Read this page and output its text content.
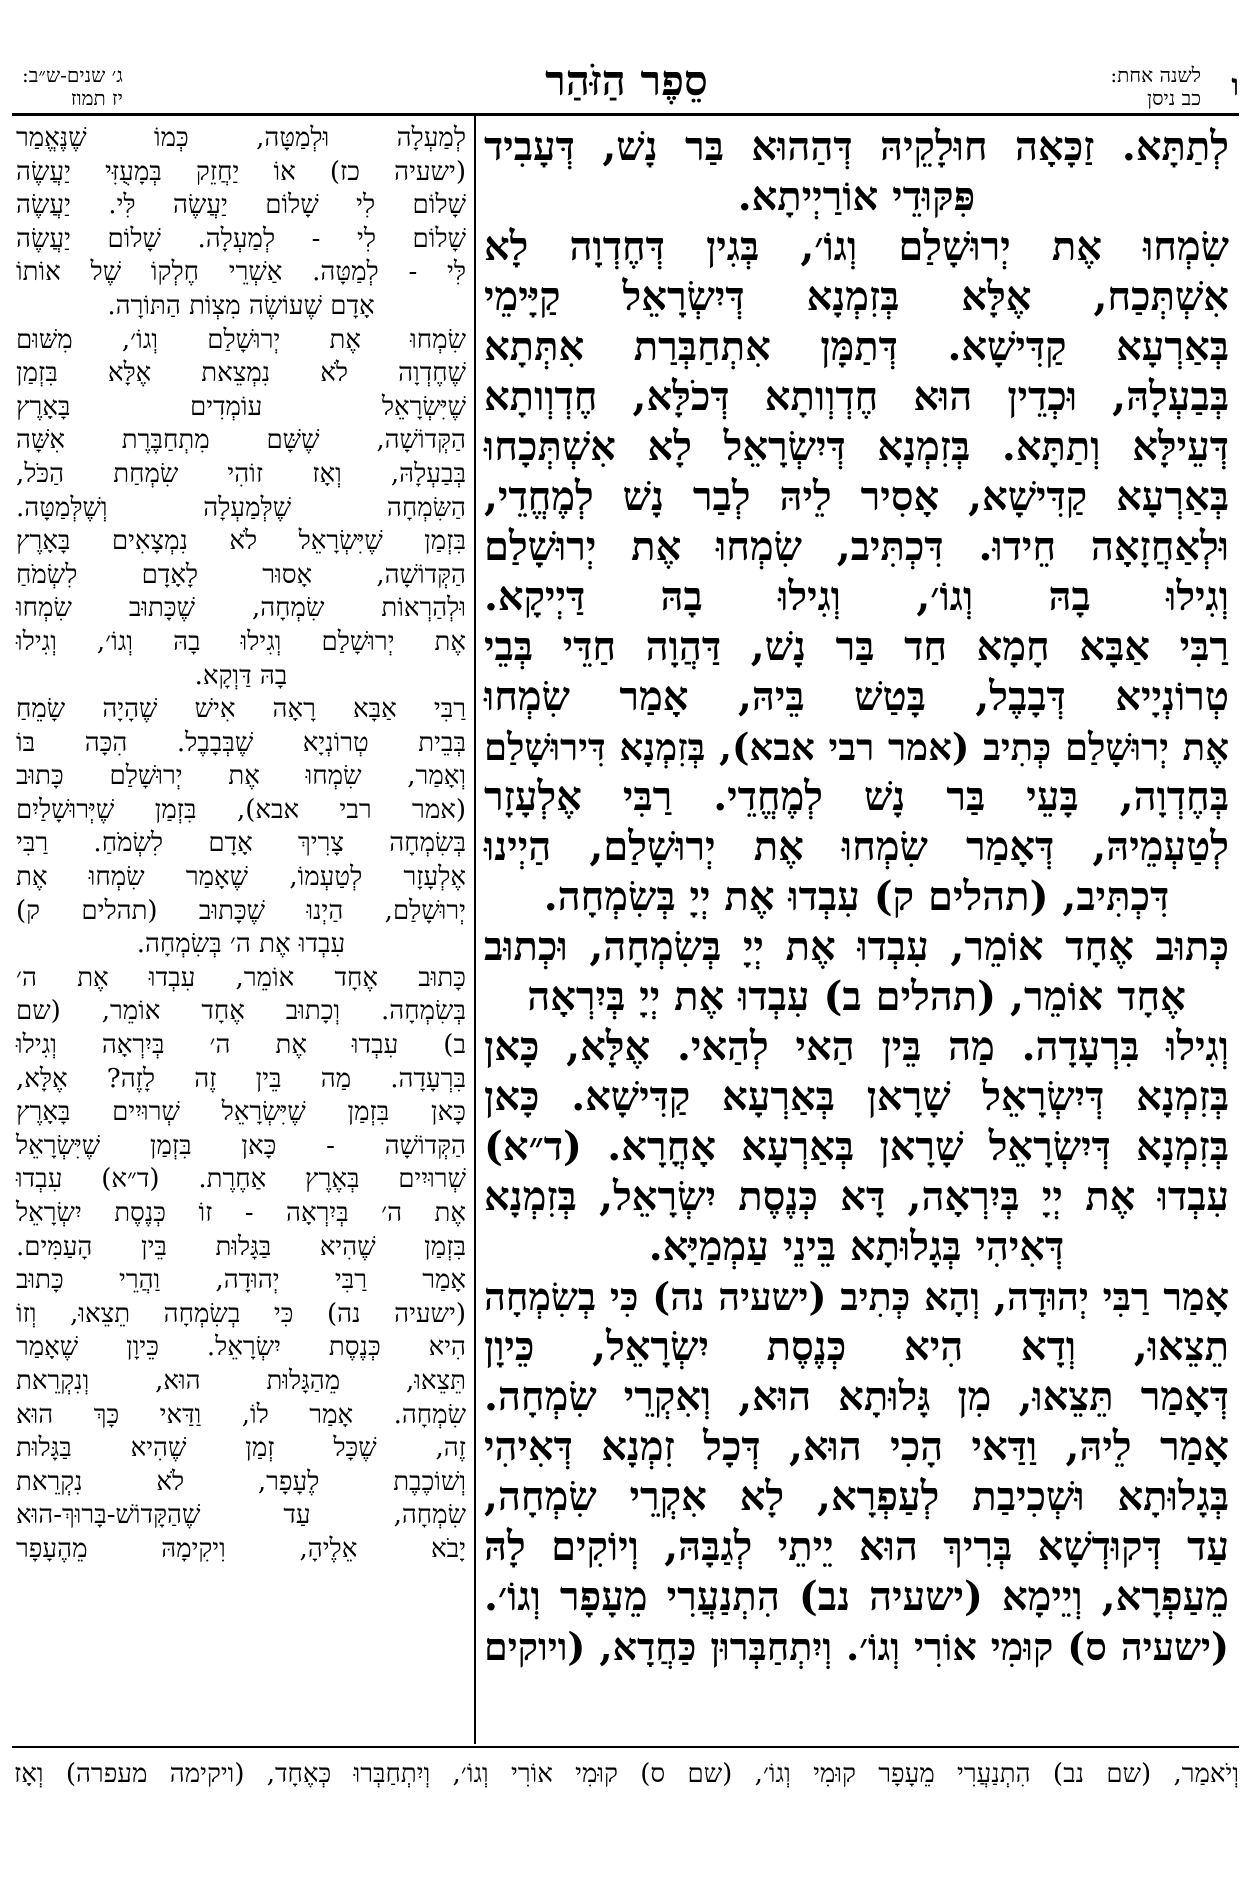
ו
לשנה אחת:
כב ניסן
סֵפֶר הַזֹּהַר
ג׳ שנים-ש״ב:
יז תמוז
לְתַתָּא. זַכָּאָה חוּלָקֵיהּ דְּהַהוּא בַּר נָשׁ, דְּעָבִיד
פִּקּוּדֵי אוֹרַיְיתָא.
שִׂמְחוּ אֶת יְרוּשָׁלַם וְגוֹ׳, בְּגִין דְּחֶדְוָה לָא
אִשְׁתְּכַח, אֶלָּא בְּזִמְנָא דְּיִשְׂרָאֵל קַיָּימֵי
בְּאַרְעָא קַדִּישָׁא. דְּתַמָּן אִתְחַבְּרַת אִתְּתָא
בְּבַעְלָהּ, וּכְדֵין הוּא חֶדְוְותָא דְּכֹלָּא, חֶדְוְותָא
דְּעֵילָּא וְתַתָּא. בְּזִמְנָא דְּיִשְׂרָאֵל לָא אִשְׁתְּכָחוּ
בְּאַרְעָא קַדִּישָׁא, אָסִיר לֵיהּ לְבַר נָשׁ לְמֶחֱדֵי,
וּלְאַחֲזָאָה חֵידוּ. דִּכְתִּיב, שִׂמְחוּ אֶת יְרוּשָׁלַם
וְגִילוּ בָהּ וְגוֹ׳, וְגִילוּ בָהּ דַּיְיקָא.
רַבִּי אַבָּא חָמָא חַד בַּר נָשׁ, דַּהֲוָה חַדֵּי בְּבֵי
טְרוֹנְיָיא דְּבָבֶל, בָּטַשׁ בֵּיהּ, אָמַר שִׂמְחוּ
אֶת יְרוּשָׁלַם כְּתִיב (אמר רבי אבא), בְּזִמְנָא דִּירוּשָׁלַם
בְּחֶדְוָה, בָּעֵי בַּר נָשׁ לְמֶחֱדֵי. רַבִּי אֶלְעָזָר
לְטַעְמֵיהּ, דְּאָמַר שִׂמְחוּ אֶת יְרוּשָׁלַם, הַיְינוּ
דִּכְתִּיב, (תהלים ק) עִבְדוּ אֶת יְיָ בְּשִׂמְחָה.
כְּתוּב אֶחָד אוֹמֵר, עִבְדוּ אֶת יְיָ בְּשִׂמְחָה, וּכְתוּב
אֶחָד אוֹמֵר, (תהלים ב) עִבְדוּ אֶת יְיָ בְּיִרְאָה
וְגִילוּ בִּרְעָדָה. מַה בֵּין הַאי לְהַאי. אֶלָּא, כָּאן
בְּזִמְנָא דְּיִשְׂרָאֵל שָׁרָאן בְּאַרְעָא קַדִּישָׁא. כָּאן
בְּזִמְנָא דְּיִשְׂרָאֵל שָׁרָאן בְּאַרְעָא אָחֳרָא. (ד״א)
עִבְדוּ אֶת יְיָ בְּיִרְאָה, דָּא כְּנֶסֶת יִשְׂרָאֵל, בְּזִמְנָא
דְּאִיהִי בְּגָלוּתָא בֵּינֵי עַמְמַיָּא.
אָמַר רַבִּי יְהוּדָה, וְהָא כְּתִיב (ישעיה נה) כִּי בְשִׂמְחָה
תֵצֵאוּ, וְדָא הִיא כְּנֶסֶת יִשְׂרָאֵל, כֵּיוָן
דְּאָמַר תֵּצֵאוּ, מִן גָּלוּתָא הוּא, וְאִקְרֵי שִׂמְחָה.
אָמַר לֵיהּ, וַדַּאי הָכִי הוּא, דְּכָל זִמְנָא דְּאִיהִי
בְּגָלוּתָא וּשְׁכִיבַת לְעַפְרָא, לָא אִקְרֵי שִׂמְחָה,
עַד דְּקוּדְשָׁא בְּרִיךְ הוּא יֵיתֵי לְגַבָּהּ, וְיוֹקִים לָהּ
מֵעַפְרָא, וְיֵימָא (ישעיה נב) הִתְנַעֲרִי מֵעָפָר וְגוֹ׳.
(ישעיה ס) קוּמִי אוֹרִי וְגוֹ׳. וְיִתְחַבְּרוּן כַּחֲדָא, (ויוקים
לְמַעְלָה וּלְמַטָּה, כְּמוֹ שֶׁנֶּאֱמַר
(ישעיה כז) אוֹ יַחֲזֵק בְּמָעֻזִּי יַעֲשֶׂה
שָׁלוֹם לִי שָׁלוֹם יַעֲשֶׂה לִּי. יַעֲשֶׂה
שָׁלוֹם לִי - לְמַעְלָה. שָׁלוֹם יַעֲשֶׂה
לִּי - לְמַטָּה. אַשְׁרֵי חֶלְקוֹ שֶׁל אוֹתוֹ
אָדָם שֶׁעוֹשֶׂה מִצְוֹת הַתּוֹרָה.
שִׂמְחוּ אֶת יְרוּשָׁלַם וְגוֹ׳, מִשּׁוּם
שֶׁחֶדְוָה לֹא נִמְצֵאת אֶלָּא בִּזְמַן
שֶׁיִּשְׂרָאֵל עוֹמְדִים בָּאָרֶץ
הַקְּדוֹשָׁה, שֶׁשָּׁם מִתְחַבֶּרֶת אִשָּׁה
בְּבַעְלָהּ, וְאָז זוֹהִי שִׂמְחַת הַכֹּל,
הַשִּׂמְחָה שֶׁלְּמַעְלָה וְשֶׁלְּמַטָּה.
בִּזְמַן שֶׁיִּשְׂרָאֵל לֹא נִמְצָאִים בָּאָרֶץ
הַקְּדוֹשָׁה, אָסוּר לָאָדָם לִשְׂמֹחַ
וּלְהַרְאוֹת שִׂמְחָה, שֶׁכָּתוּב שִׂמְחוּ
אֶת יְרוּשָׁלַם וְגִילוּ בָהּ וְגוֹ׳, וְגִילוּ
בָהּ דַּוְקָא.
רַבִּי אַבָּא רָאָה אִישׁ שֶׁהָיָה שָׂמֵחַ
בְּבֵית טְרוֹנְיָא שֶׁבְּבָבֶל. הִכָּה בּוֹ
וְאָמַר, שִׂמְחוּ אֶת יְרוּשָׁלַם כָּתוּב
(אמר רבי אבא), בִּזְמַן שֶׁיְּרוּשָׁלַיִם
בְּשִׂמְחָה צָרִיךְ אָדָם לִשְׂמֹחַ. רַבִּי
אֶלְעָזָר לְטַעְמוֹ, שֶׁאָמַר שִׂמְחוּ אֶת
יְרוּשָׁלַם, הַיְנוּ שֶׁכָּתוּב (תהלים ק)
עִבְדוּ אֶת ה׳ בְּשִׂמְחָה.
כָּתוּב אֶחָד אוֹמֵר, עִבְדוּ אֶת ה׳
בְּשִׂמְחָה. וְכָתוּב אֶחָד אוֹמֵר, (שם
ב) עִבְדוּ אֶת ה׳ בְּיִרְאָה וְגִילוּ
בִּרְעָדָה. מַה בֵּין זֶה לָזֶה? אֶלָּא,
כָּאן בִּזְמַן שֶׁיִּשְׂרָאֵל שְׁרוּיִים בָּאָרֶץ
הַקְּדוֹשָׁה - כָּאן בִּזְמַן שֶׁיִּשְׂרָאֵל
שְׁרוּיִים בְּאֶרֶץ אַחֶרֶת. (ד״א) עִבְדוּ
אֶת ה׳ בְּיִרְאָה - זוֹ כְּנֶסֶת יִשְׂרָאֵל
בִּזְמַן שֶׁהִיא בַּגָּלוּת בֵּין הָעַמִּים.
אָמַר רַבִּי יְהוּדָה, וַהֲרֵי כָּתוּב
(ישעיה נה) כִּי בְשִׂמְחָה תֵצֵאוּ, וְזוֹ
הִיא כְּנֶסֶת יִשְׂרָאֵל. כֵּיוָן שֶׁאָמַר
תֵּצֵאוּ, מֵהַגָּלוּת הוּא, וְנִקְרֵאת
שִׂמְחָה. אָמַר לוֹ, וַדַּאי כָּךְ הוּא
זֶה, שֶׁכָּל זְמַן שֶׁהִיא בַּגָּלוּת
וְשׁוֹכֶבֶת לֶעָפָר, לֹא נִקְרֵאת
שִׂמְחָה, עַד שֶׁהַקָּדוֹשׁ-בָּרוּךְ-הוּא
יָבֹא אֵלֶיהָ, וִיקִימָהּ מֵהֶעָפָר
וְיֹאמַר, (שם נב) הִתְנַעֲרִי מֵעָפָר קוּמִי וְגוֹ׳, (שם ס) קוּמִי אוֹרִי וְגוֹ׳, וְיִתְחַבְּרוּ כְּאֶחָד, (ויקימה מעפרה) וְאָז
